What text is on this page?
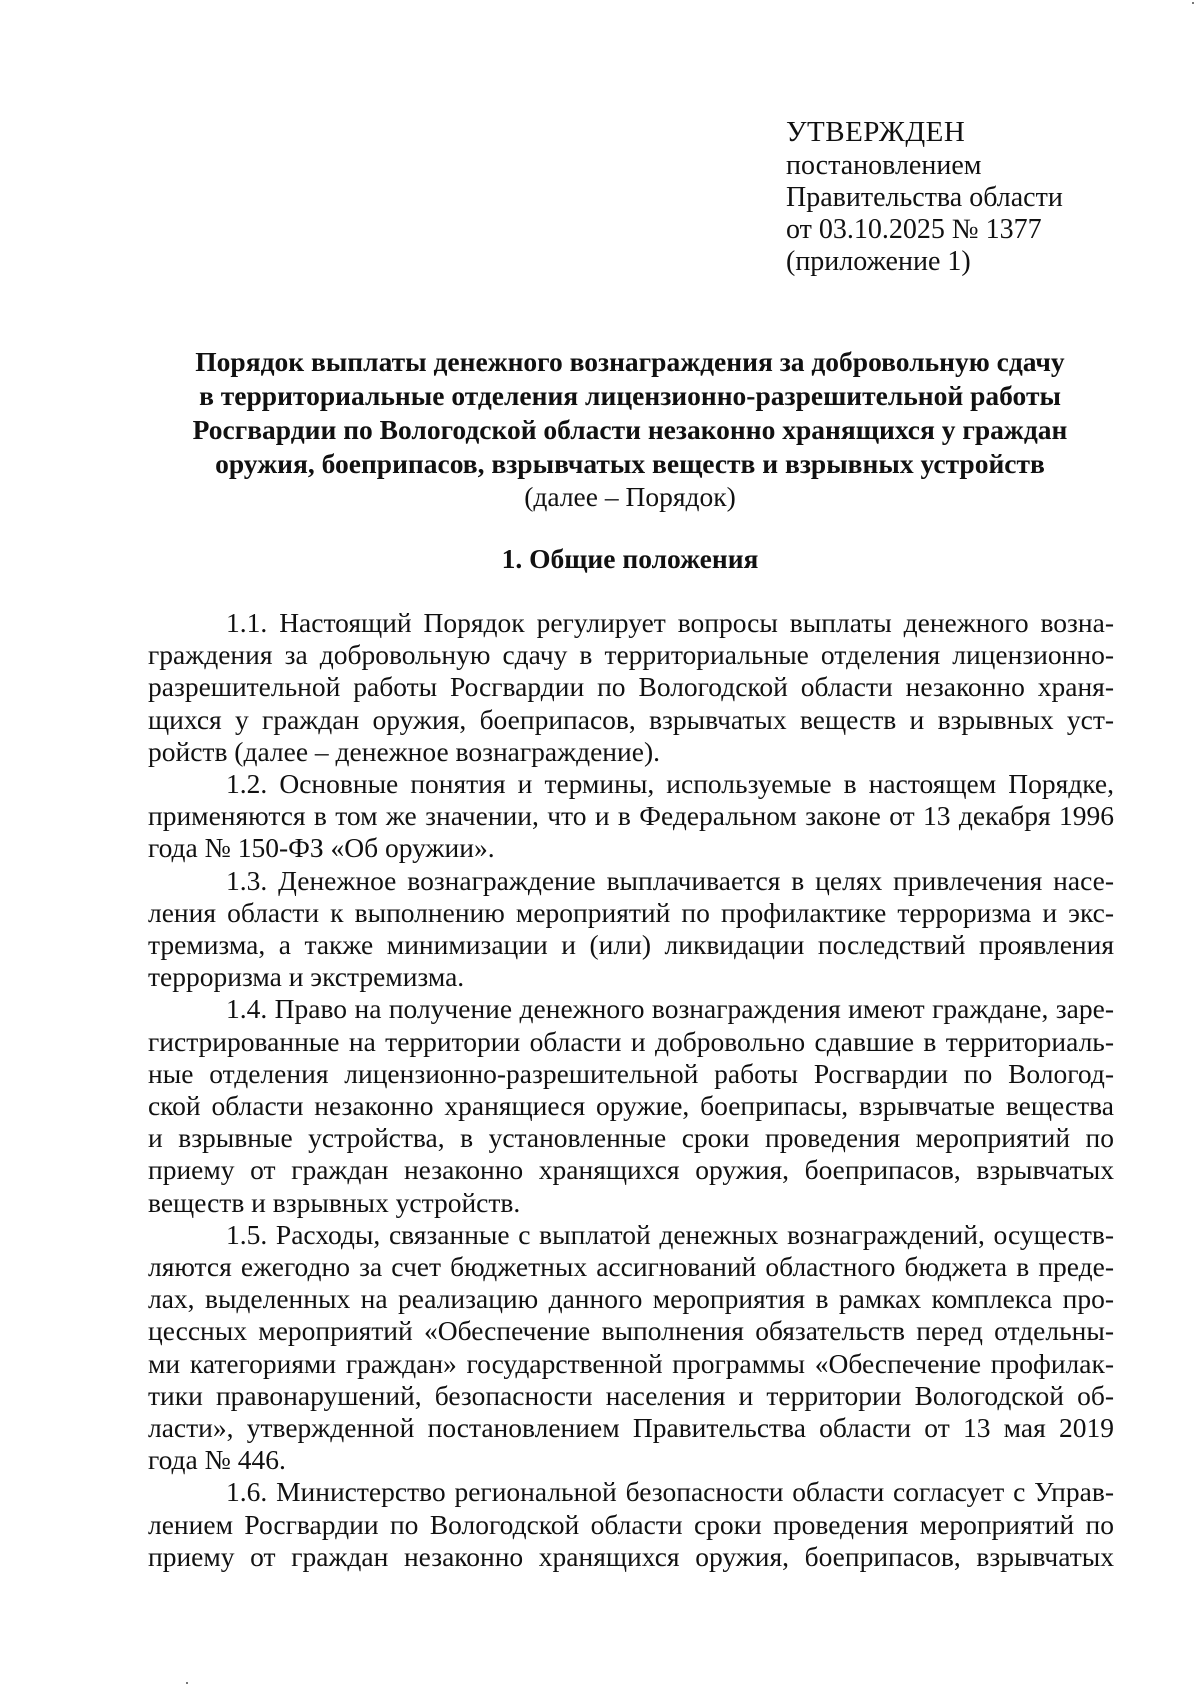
УТВЕРЖДЕН
постановлением
Правительства области
от 03.10.2025 № 1377
(приложение 1)
Порядок выплаты денежного вознаграждения за добровольную сдачу
в территориальные отделения лицензионно-разрешительной работы
Росгвардии по Вологодской области незаконно хранящихся у граждан
оружия, боеприпасов, взрывчатых веществ и взрывных устройств
(далее – Порядок)
1. Общие положения

1.1. Настоящий Порядок регулирует вопросы выплаты денежного возна-

граждения за добровольную сдачу в территориальные отделения лицензионно-

разрешительной работы Росгвардии по Вологодской области незаконно храня-

щихся у граждан оружия, боеприпасов, взрывчатых веществ и взрывных уст-

ройств (далее – денежное вознаграждение).

1.2. Основные понятия и термины, используемые в настоящем Порядке,

применяются в том же значении, что и в Федеральном законе от 13 декабря 1996

года № 150-ФЗ «Об оружии».

1.3. Денежное вознаграждение выплачивается в целях привлечения насе-

ления области к выполнению мероприятий по профилактике терроризма и экс-

тремизма, а также минимизации и (или) ликвидации последствий проявления

терроризма и экстремизма.

1.4. Право на получение денежного вознаграждения имеют граждане, заре-

гистрированные на территории области и добровольно сдавшие в территориаль-

ные отделения лицензионно-разрешительной работы Росгвардии по Вологод-

ской области незаконно хранящиеся оружие, боеприпасы, взрывчатые вещества

и взрывные устройства, в установленные сроки проведения мероприятий по

приему от граждан незаконно хранящихся оружия, боеприпасов, взрывчатых

веществ и взрывных устройств.

1.5. Расходы, связанные с выплатой денежных вознаграждений, осуществ-

ляются ежегодно за счет бюджетных ассигнований областного бюджета в преде-

лах, выделенных на реализацию данного мероприятия в рамках комплекса про-

цессных мероприятий «Обеспечение выполнения обязательств перед отдельны-

ми категориями граждан» государственной программы «Обеспечение профилак-

тики правонарушений, безопасности населения и территории Вологодской об-

ласти», утвержденной постановлением Правительства области от 13 мая 2019

года № 446.

1.6. Министерство региональной безопасности области согласует с Управ-

лением Росгвардии по Вологодской области сроки проведения мероприятий по

приему от граждан незаконно хранящихся оружия, боеприпасов, взрывчатых
